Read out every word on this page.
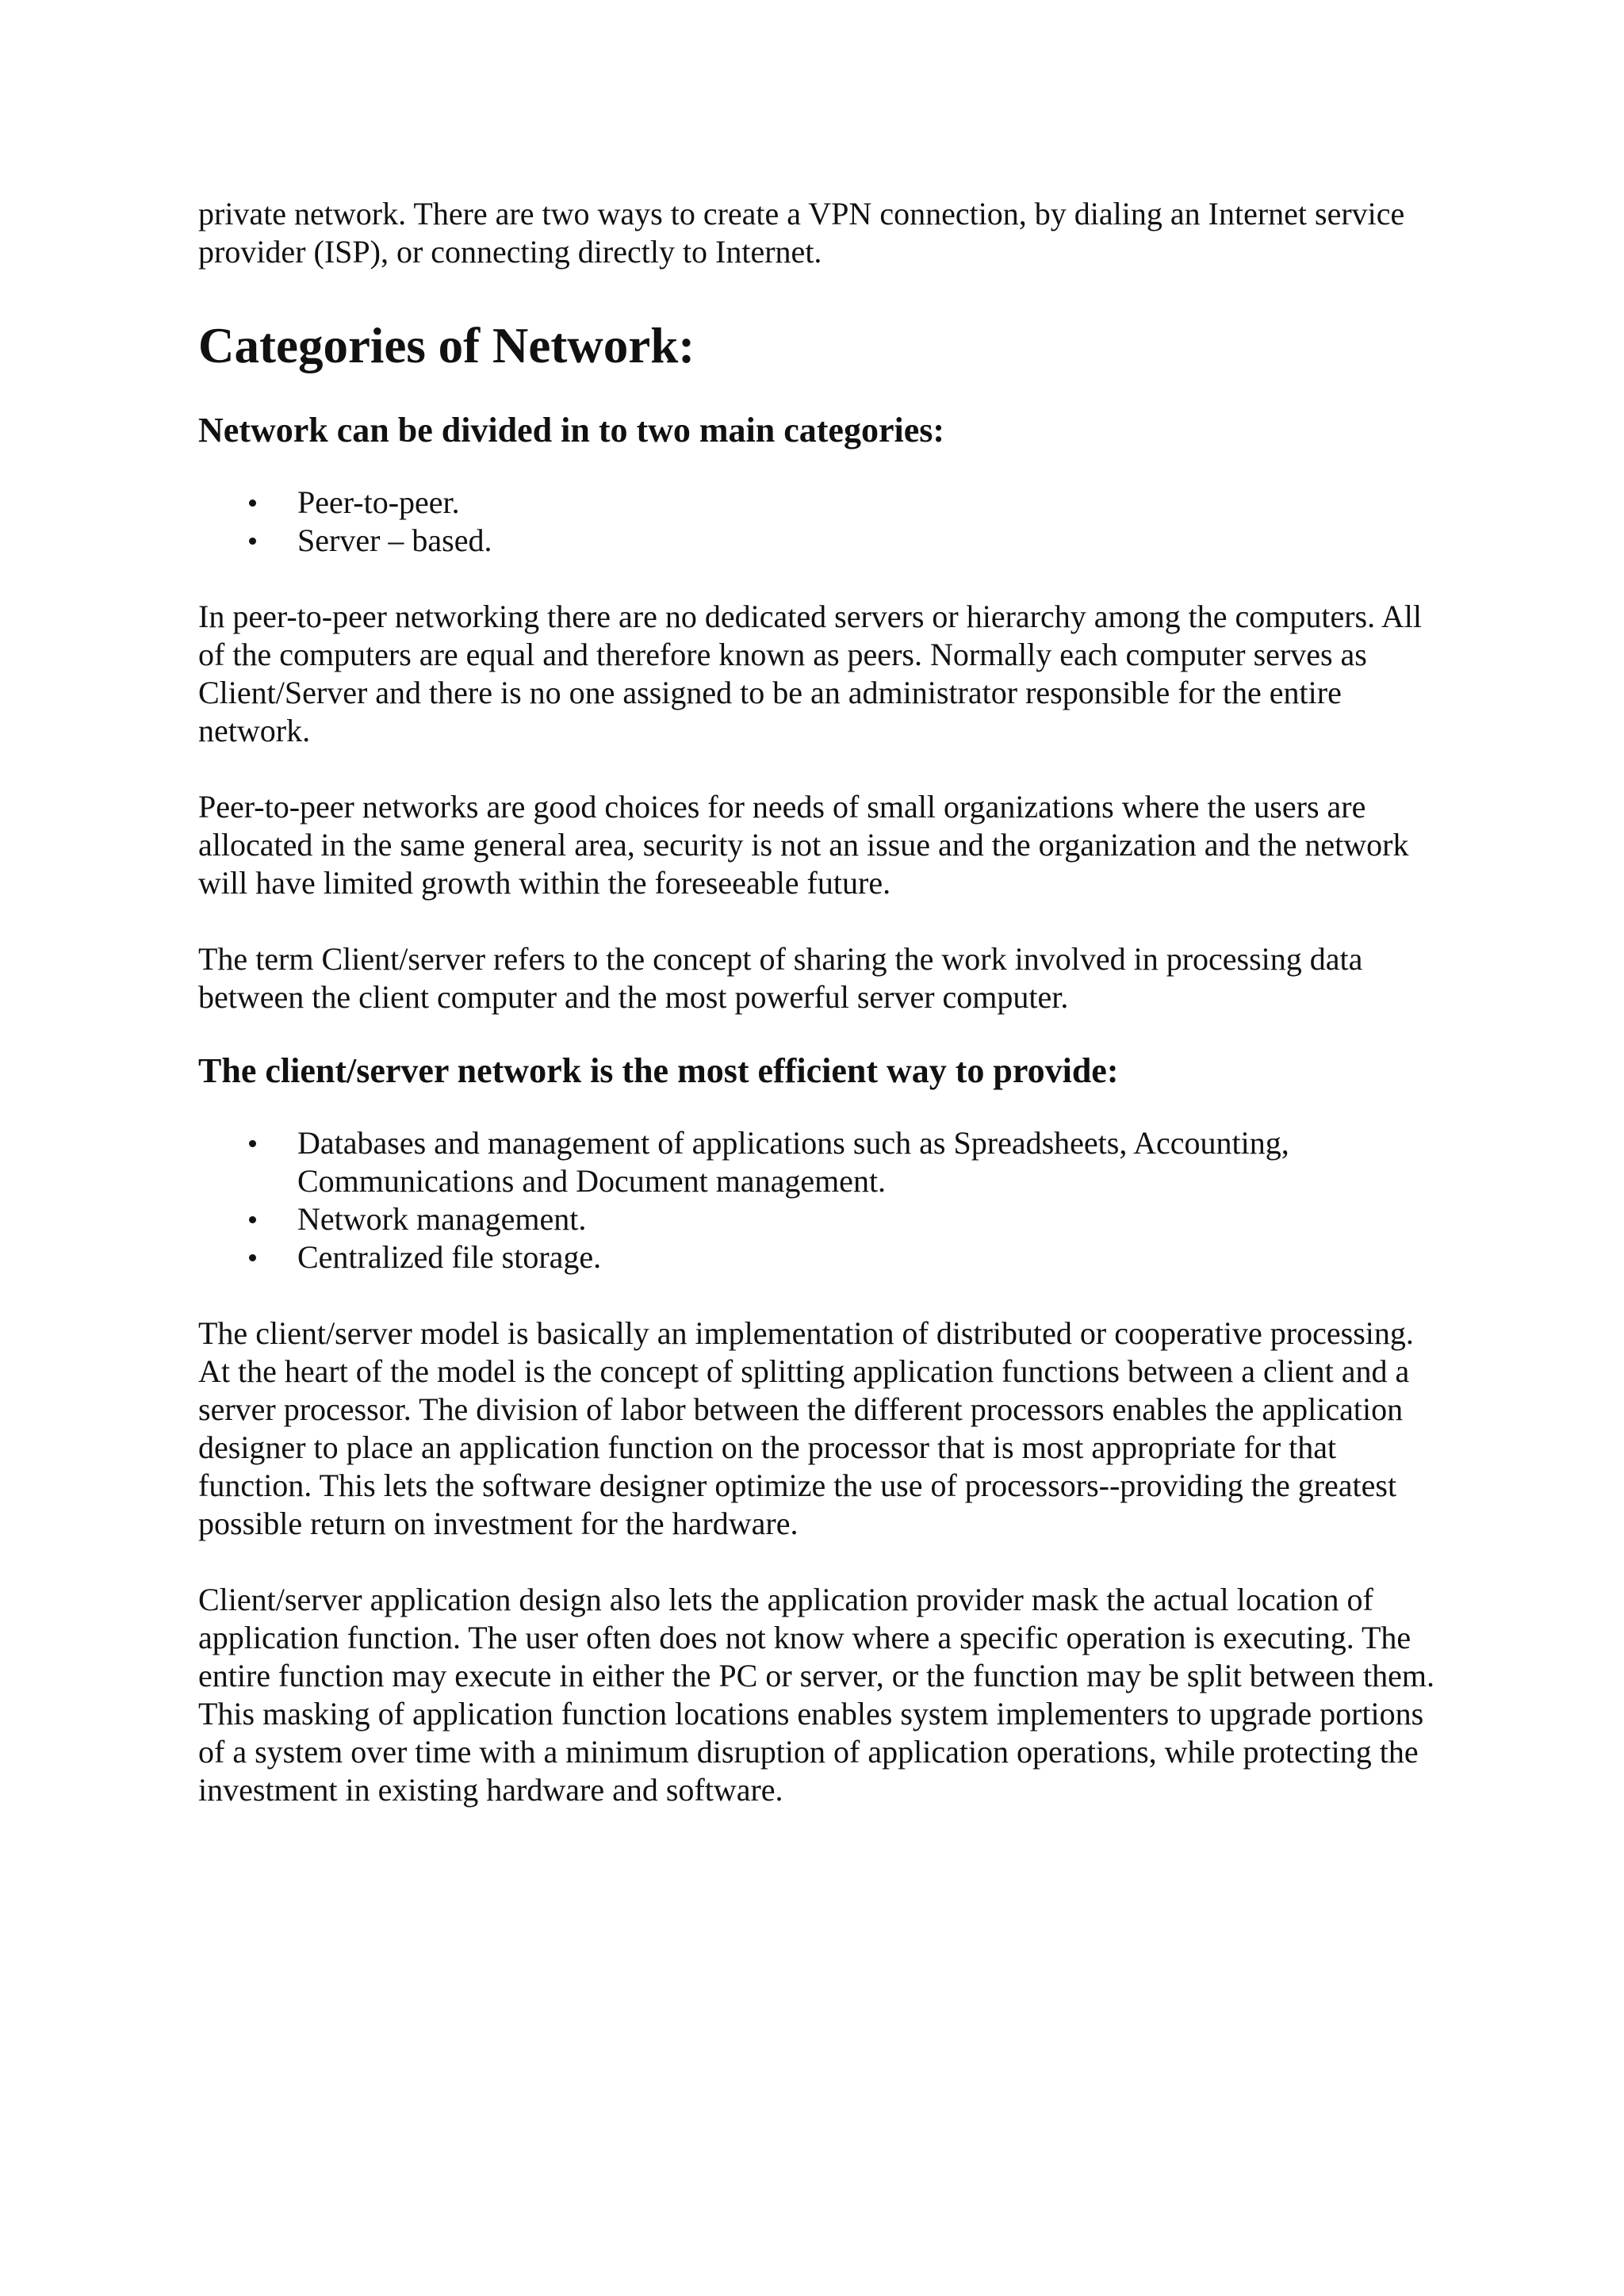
private network. There are two ways to create a VPN connection, by dialing an Internet service provider (ISP), or connecting directly to Internet.

Categories of Network:
Network can be divided in to two main categories:
Peer-to-peer.
Server – based.

In peer-to-peer networking there are no dedicated servers or hierarchy among the computers. All of the computers are equal and therefore known as peers. Normally each computer serves as Client/Server and there is no one assigned to be an administrator responsible for the entire network.

Peer-to-peer networks are good choices for needs of small organizations where the users are allocated in the same general area, security is not an issue and the organization and the network will have limited growth within the foreseeable future.

The term Client/server refers to the concept of sharing the work involved in processing data between the client computer and the most powerful server computer.

The client/server network is the most efficient way to provide:
Databases and management of applications such as Spreadsheets, Accounting, Communications and Document management.
Network management.
Centralized file storage.

The client/server model is basically an implementation of distributed or cooperative processing. At the heart of the model is the concept of splitting application functions between a client and a server processor. The division of labor between the different processors enables the application designer to place an application function on the processor that is most appropriate for that function. This lets the software designer optimize the use of processors--providing the greatest possible return on investment for the hardware.

Client/server application design also lets the application provider mask the actual location of application function. The user often does not know where a specific operation is executing. The entire function may execute in either the PC or server, or the function may be split between them. This masking of application function locations enables system implementers to upgrade portions of a system over time with a minimum disruption of application operations, while protecting the investment in existing hardware and software.
